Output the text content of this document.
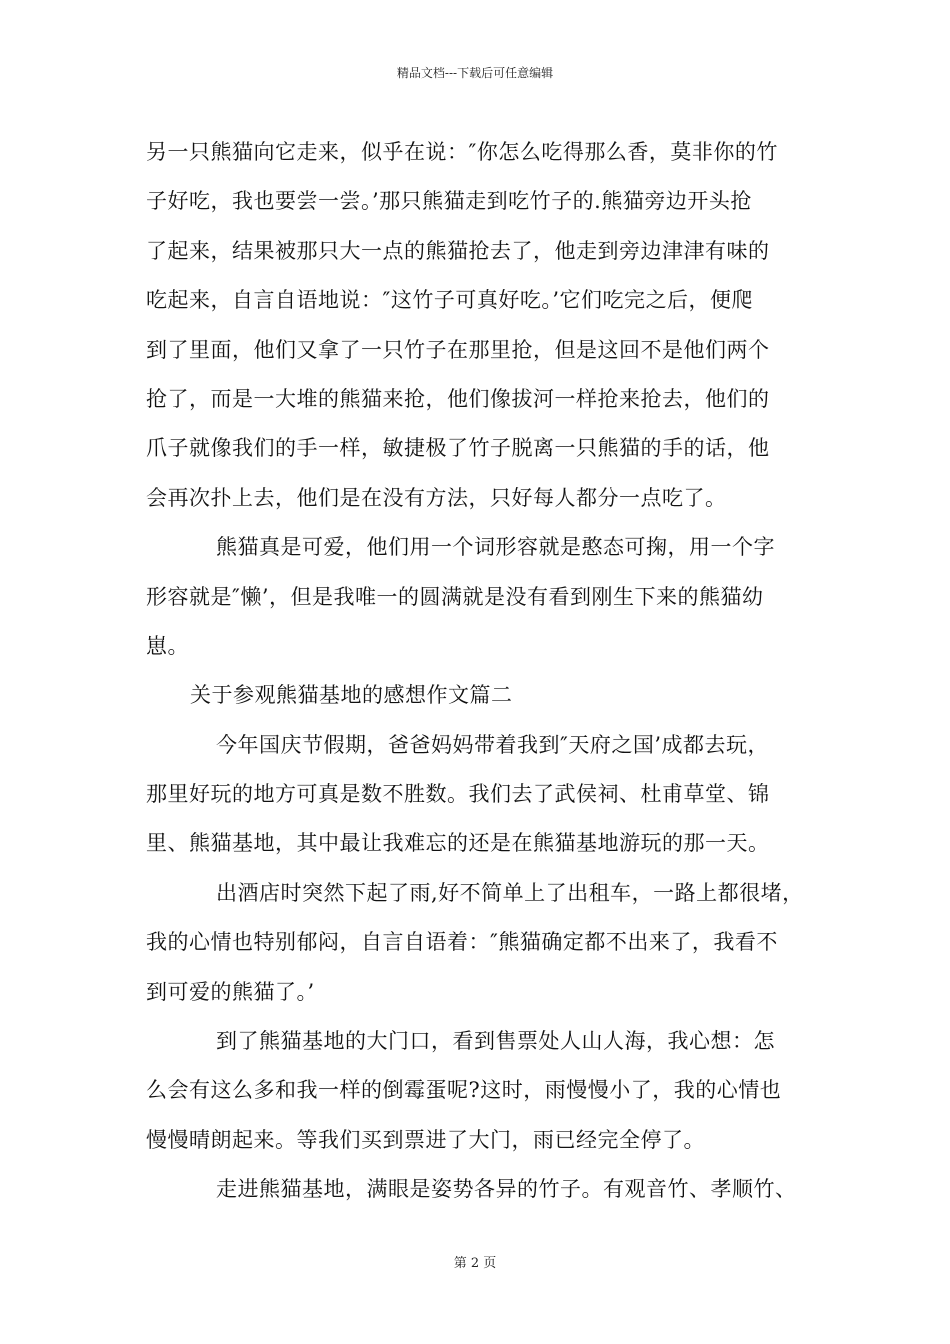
精品文档---下载后可任意编辑
另一只熊猫向它走来，似乎在说：″你怎么吃得那么香，莫非你的竹
子好吃，我也要尝一尝。’那只熊猫走到吃竹子的.熊猫旁边开头抢
了起来，结果被那只大一点的熊猫抢去了，他走到旁边津津有味的
吃起来，自言自语地说：″这竹子可真好吃。’它们吃完之后，便爬
到了里面，他们又拿了一只竹子在那里抢，但是这回不是他们两个
抢了，而是一大堆的熊猫来抢，他们像拔河一样抢来抢去，他们的
爪子就像我们的手一样，敏捷极了竹子脱离一只熊猫的手的话，他
会再次扑上去，他们是在没有方法，只好每人都分一点吃了。
熊猫真是可爱，他们用一个词形容就是憨态可掬，用一个字
形容就是″懒’，但是我唯一的圆满就是没有看到刚生下来的熊猫幼
崽。
关于参观熊猫基地的感想作文篇二
今年国庆节假期，爸爸妈妈带着我到″天府之国’成都去玩，
那里好玩的地方可真是数不胜数。我们去了武侯祠、杜甫草堂、锦
里、熊猫基地，其中最让我难忘的还是在熊猫基地游玩的那一天。
出酒店时突然下起了雨,好不简单上了出租车，一路上都很堵，
我的心情也特别郁闷，自言自语着：″熊猫确定都不出来了，我看不
到可爱的熊猫了。’
到了熊猫基地的大门口，看到售票处人山人海，我心想：怎
么会有这么多和我一样的倒霉蛋呢?这时，雨慢慢小了，我的心情也
慢慢晴朗起来。等我们买到票进了大门，雨已经完全停了。
走进熊猫基地，满眼是姿势各异的竹子。有观音竹、孝顺竹、
第 2 页
